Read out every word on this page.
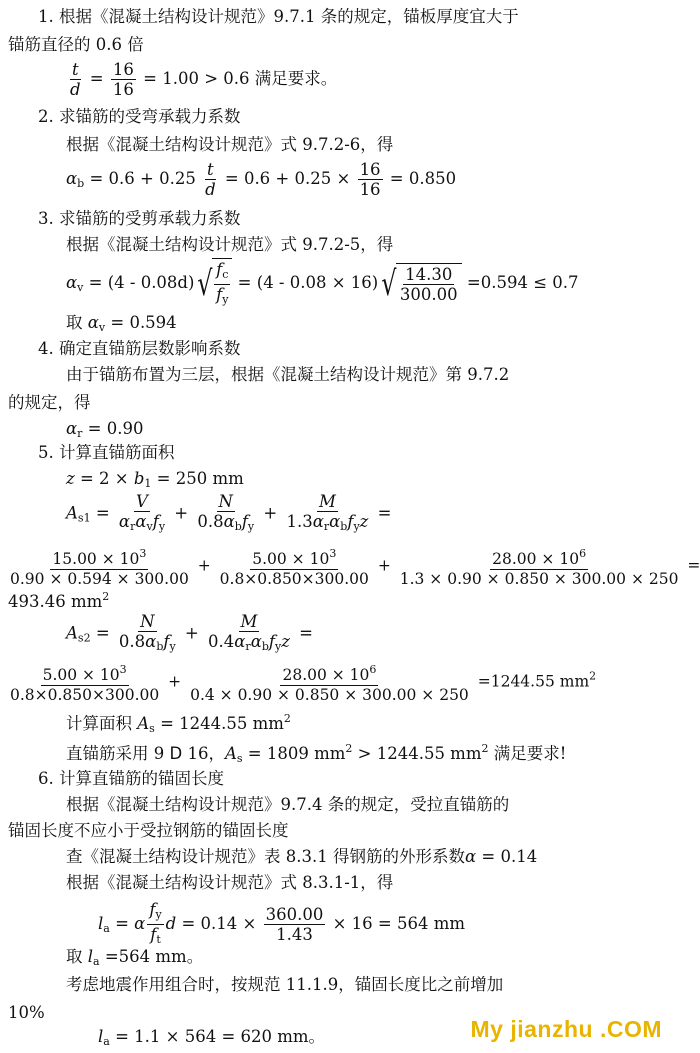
1. 根据《混凝土结构设计规范》9.7.1 条的规定，锚板厚度宜大于
锚筋直径的 0.6 倍
$\frac{t}{d} = \frac{16}{16} = 1.00 > 0.6$ 满足要求。
2. 求锚筋的受弯承载力系数
根据《混凝土结构设计规范》式 9.7.2-6，得
$\alpha_b = 0.6 + 0.25 \frac{t}{d} = 0.6 + 0.25 \times \frac{16}{16} = 0.850$
3. 求锚筋的受剪承载力系数
根据《混凝土结构设计规范》式 9.7.2-5，得
$\alpha_v = (4 - 0.08d)$ √ $\frac{f_c}{f_y} = (4 - 0.08 \times 16)$ √ $\frac{14.30}{300.00} =0.594 \le 0.7$
取 $\alpha_v = 0.594$
4. 确定直锚筋层数影响系数
由于锚筋布置为三层，根据《混凝土结构设计规范》第 9.7.2
的规定，得
$\alpha_r = 0.90$
5. 计算直锚筋面积
$z = 2 \times b_1 = 250$ mm
$A_{s1} = \frac{V}{\alpha_r\alpha_vf_y} + \frac{N}{0.8\alpha_bf_y} + \frac{M}{1.3\alpha_r\alpha_bf_yz}$ =
$\frac{15.00 \times 10^3}{0.90 \times 0.594 \times 300.00} + \frac{5.00 \times 10^3}{0.8\times 0.850\times 300.00} + \frac{28.00 \times 10^6}{1.3 \times 0.90 \times 0.850 \times 300.00 \times 250}$ =
493.46 $mm^2$
$A_{s2} = \frac{N}{0.8\alpha_bf_y} + \frac{M}{0.4\alpha_r\alpha_bf_yz}$ =
$\frac{5.00 \times 10^3}{0.8\times 0.850\times 300.00} + \frac{28.00 \times 10^6}{0.4 \times 0.90 \times 0.850 \times 300.00 \times 250} =1244.55$ $mm^2$
计算面积 $A_s = 1244.55$ $mm^2$
直锚筋采用 9 D 16，$A_s = 1809$ $mm^2 > 1244.55$ $mm^2$ 满足要求!
6. 计算直锚筋的锚固长度
根据《混凝土结构设计规范》9.7.4 条的规定，受拉直锚筋的
锚固长度不应小于受拉钢筋的锚固长度
查《混凝土结构设计规范》表 8.3.1 得钢筋的外形系数α = 0.14
根据《混凝土结构设计规范》式 8.3.1-1，得
$l_a = \alpha \frac{f_y}{f_t}$ $d = 0.14 \times \frac{360.00}{1.43} \times 16 = 564$ mm
取 $l_a =564$ mm。
考虑地震作用组合时，按规范 11.1.9，锚固长度比之前增加
10%
$l_a = 1.1 \times 564 = 620$ mm。	My jianzhu .COM
